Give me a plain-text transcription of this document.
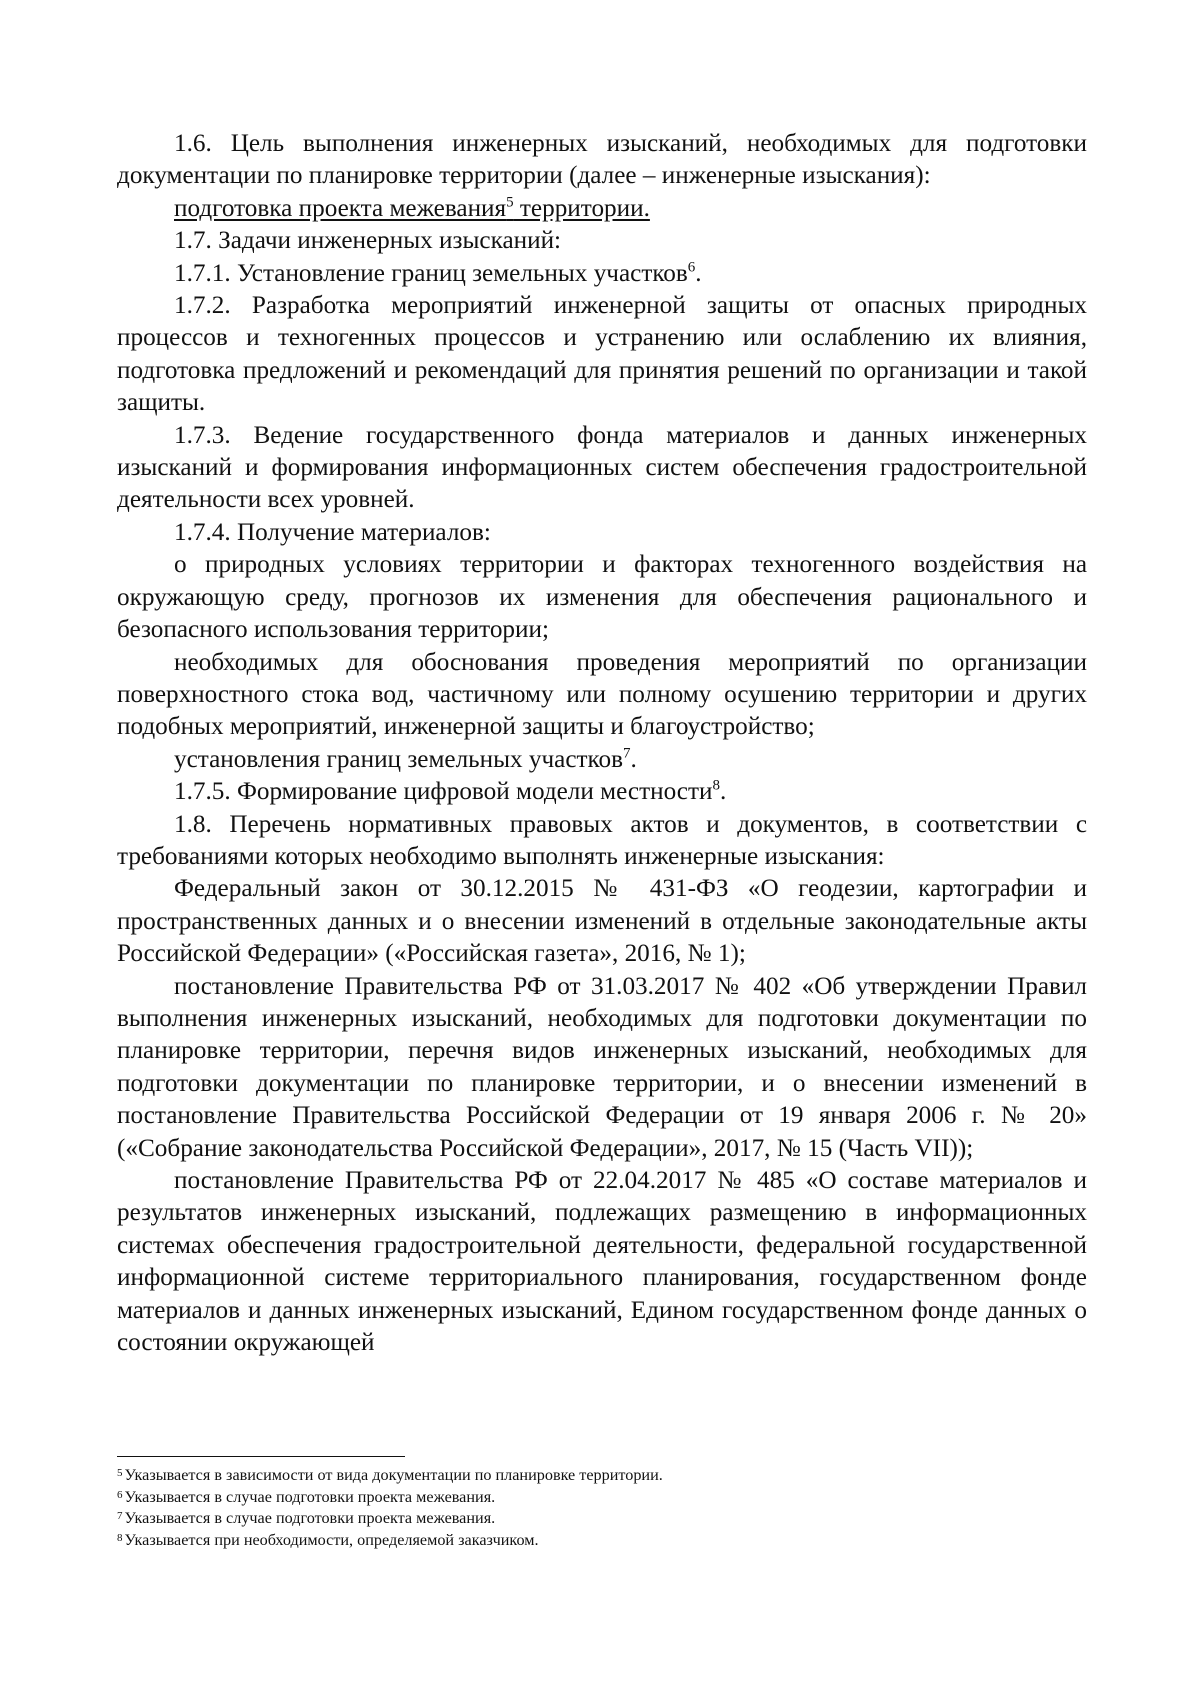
1.6. Цель выполнения инженерных изысканий, необходимых для подготовки документации по планировке территории (далее – инженерные изыскания):

подготовка проекта межевания$^5$ территории.

1.7. Задачи инженерных изысканий:

1.7.1. Установление границ земельных участков$^6$.

1.7.2. Разработка мероприятий инженерной защиты от опасных природных процессов и техногенных процессов и устранению или ослаблению их влияния, подготовка предложений и рекомендаций для принятия решений по организации и такой защиты.

1.7.3. Ведение государственного фонда материалов и данных инженерных изысканий и формирования информационных систем обеспечения градостроительной деятельности всех уровней.

1.7.4. Получение материалов:

о природных условиях территории и факторах техногенного воздействия на окружающую среду, прогнозов их изменения для обеспечения рационального и безопасного использования территории;

необходимых для обоснования проведения мероприятий по организации поверхностного стока вод, частичному или полному осушению территории и других подобных мероприятий, инженерной защиты и благоустройство;

установления границ земельных участков$^7$.

1.7.5. Формирование цифровой модели местности$^8$.

1.8. Перечень нормативных правовых актов и документов, в соответствии с требованиями которых необходимо выполнять инженерные изыскания:

Федеральный закон от 30.12.2015 № 431-ФЗ «О геодезии, картографии и пространственных данных и о внесении изменений в отдельные законодательные акты Российской Федерации» («Российская газета», 2016, № 1);

постановление Правительства РФ от 31.03.2017 № 402 «Об утверждении Правил выполнения инженерных изысканий, необходимых для подготовки документации по планировке территории, перечня видов инженерных изысканий, необходимых для подготовки документации по планировке территории, и о внесении изменений в постановление Правительства Российской Федерации от 19 января 2006 г. № 20» («Собрание законодательства Российской Федерации», 2017, № 15 (Часть VII));

постановление Правительства РФ от 22.04.2017 № 485 «О составе материалов и результатов инженерных изысканий, подлежащих размещению в информационных системах обеспечения градостроительной деятельности, федеральной государственной информационной системе территориального планирования, государственном фонде материалов и данных инженерных изысканий, Едином государственном фонде данных о состоянии окружающей

$^5$ Указывается в зависимости от вида документации по планировке территории.

$^6$ Указывается в случае подготовки проекта межевания.

$^7$ Указывается в случае подготовки проекта межевания.

$^8$ Указывается при необходимости, определяемой заказчиком.
